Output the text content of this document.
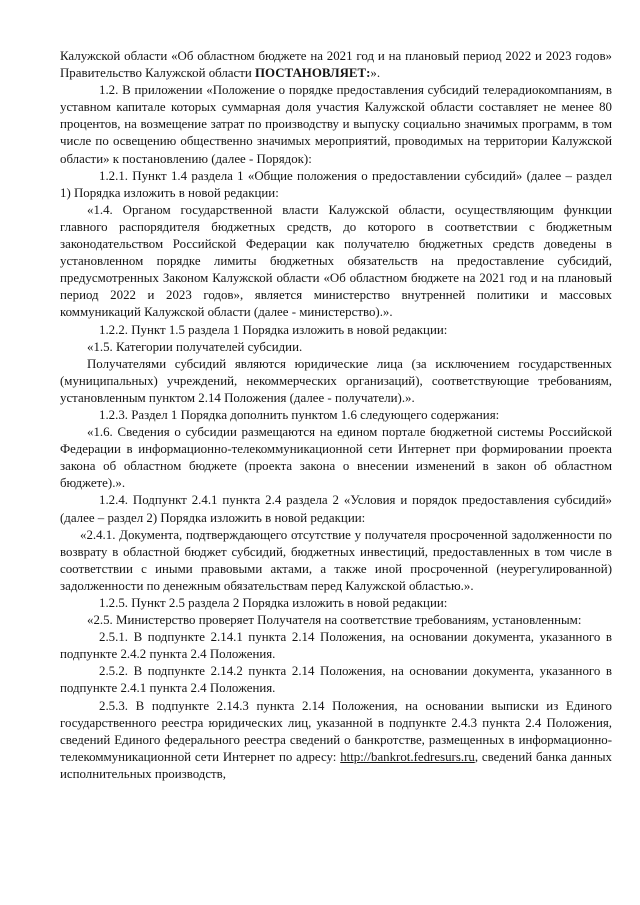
Калужской области «Об областном бюджете на 2021 год и на плановый период 2022 и 2023 годов» Правительство Калужской области ПОСТАНОВЛЯЕТ:».

1.2. В приложении «Положение о порядке предоставления субсидий телерадиокомпаниям, в уставном капитале которых суммарная доля участия Калужской области составляет не менее 80 процентов, на возмещение затрат по производству и выпуску социально значимых программ, в том числе по освещению общественно значимых мероприятий, проводимых на территории Калужской области» к постановлению (далее - Порядок):

1.2.1. Пункт 1.4 раздела 1 «Общие положения о предоставлении субсидий» (далее – раздел 1) Порядка изложить в новой редакции:

«1.4. Органом государственной власти Калужской области, осуществляющим функции главного распорядителя бюджетных средств, до которого в соответствии с бюджетным законодательством Российской Федерации как получателю бюджетных средств доведены в установленном порядке лимиты бюджетных обязательств на предоставление субсидий, предусмотренных Законом Калужской области «Об областном бюджете на 2021 год и на плановый период 2022 и 2023 годов», является министерство внутренней политики и массовых коммуникаций Калужской области (далее - министерство).».

1.2.2. Пункт 1.5 раздела 1 Порядка изложить в новой редакции:

«1.5. Категории получателей субсидии.

Получателями субсидий являются юридические лица (за исключением государственных (муниципальных) учреждений, некоммерческих организаций), соответствующие требованиям, установленным пунктом 2.14 Положения (далее - получатели).».

1.2.3. Раздел 1 Порядка дополнить пунктом 1.6 следующего содержания:

«1.6. Сведения о субсидии размещаются на едином портале бюджетной системы Российской Федерации в информационно-телекоммуникационной сети Интернет при формировании проекта закона об областном бюджете (проекта закона о внесении изменений в закон об областном бюджете).».

1.2.4. Подпункт 2.4.1 пункта 2.4 раздела 2 «Условия и порядок предоставления субсидий» (далее – раздел 2) Порядка изложить в новой редакции:

«2.4.1. Документа, подтверждающего отсутствие у получателя просроченной задолженности по возврату в областной бюджет субсидий, бюджетных инвестиций, предоставленных в том числе в соответствии с иными правовыми актами, а также иной просроченной (неурегулированной) задолженности по денежным обязательствам перед Калужской областью.».

1.2.5. Пункт 2.5 раздела 2 Порядка изложить в новой редакции:

«2.5. Министерство проверяет Получателя на соответствие требованиям, установленным:

2.5.1. В подпункте 2.14.1 пункта 2.14 Положения, на основании документа, указанного в подпункте 2.4.2 пункта 2.4 Положения.

2.5.2. В подпункте 2.14.2 пункта 2.14 Положения, на основании документа, указанного в подпункте 2.4.1 пункта 2.4 Положения.

2.5.3. В подпункте 2.14.3 пункта 2.14 Положения, на основании выписки из Единого государственного реестра юридических лиц, указанной в подпункте 2.4.3 пункта 2.4 Положения, сведений Единого федерального реестра сведений о банкротстве, размещенных в информационно-телекоммуникационной сети Интернет по адресу: http://bankrot.fedresurs.ru, сведений банка данных исполнительных производств,
